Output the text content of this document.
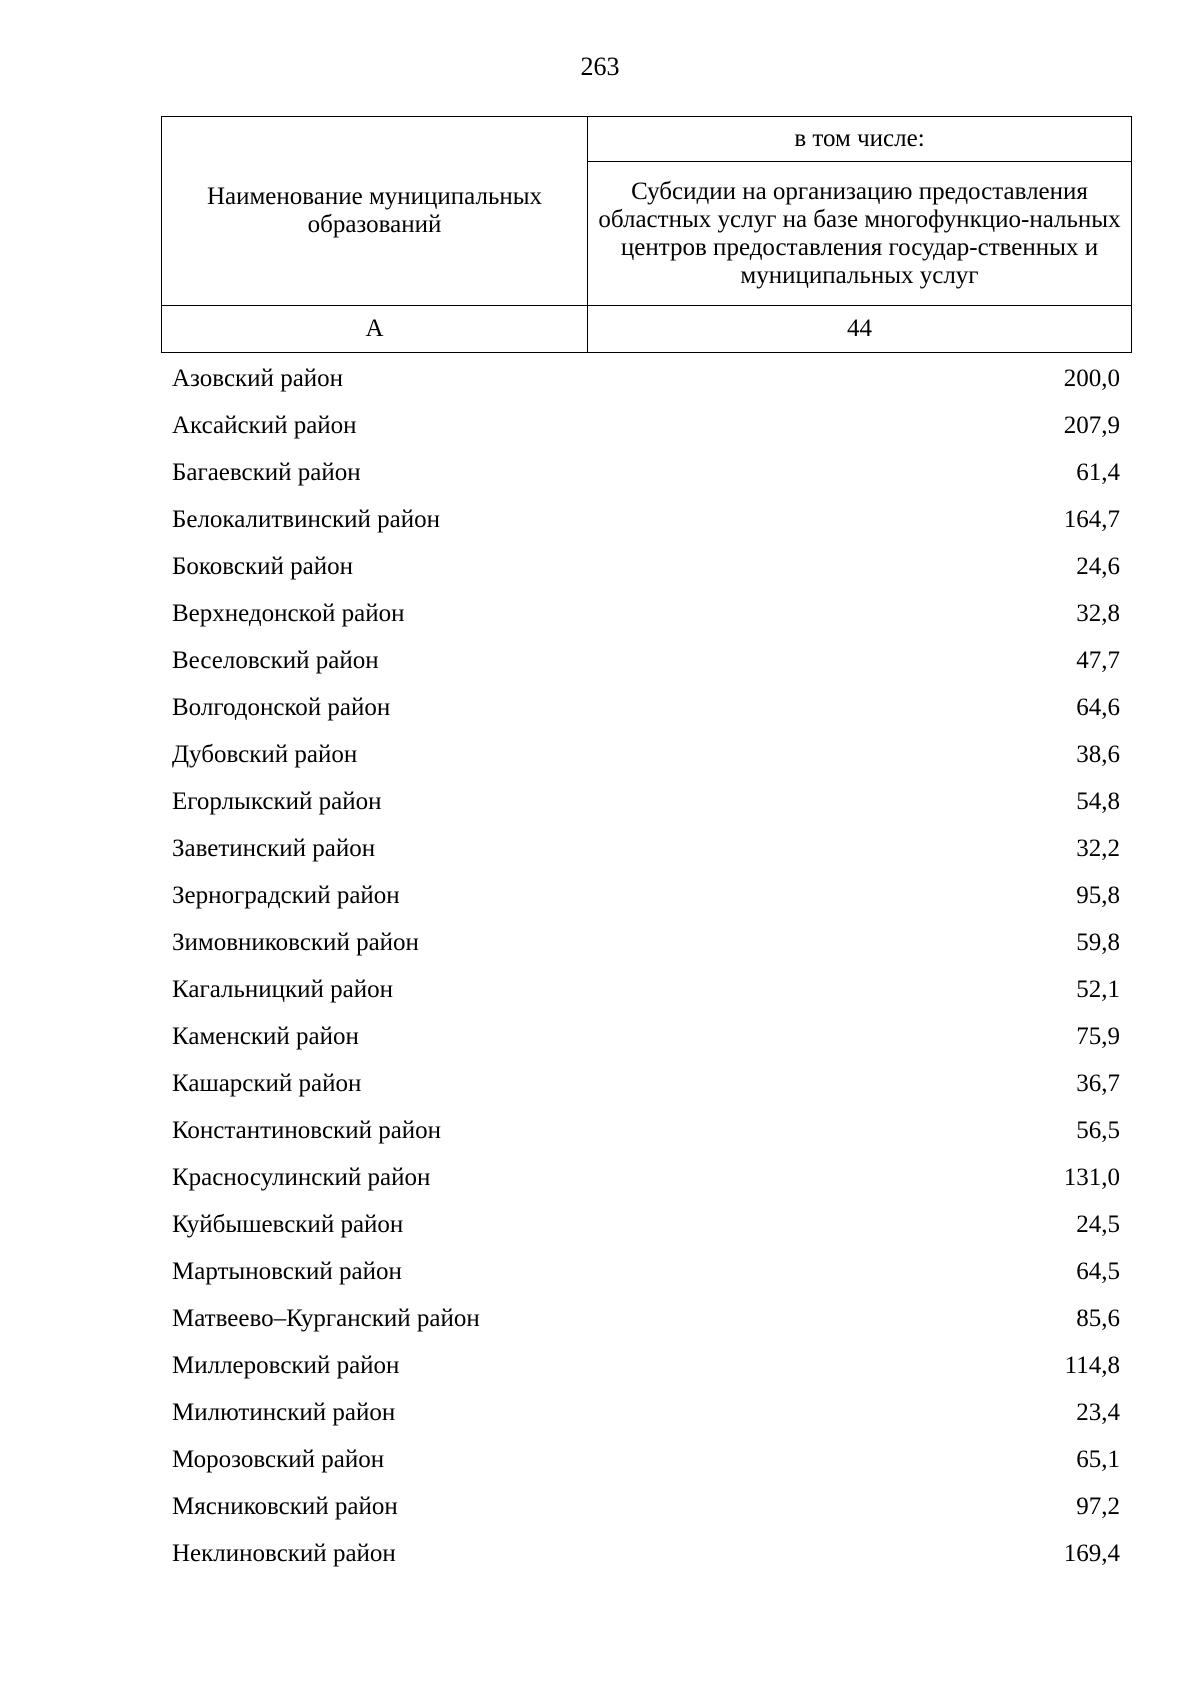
263
Наименование муниципальных образований	в том числе:
	Субсидии на организацию предоставления областных услуг на базе многофункцио-нальных центров предоставления государ-ственных и муниципальных услуг
А	44
Азовский район	200,0
Аксайский район	207,9
Багаевский район	61,4
Белокалитвинский район	164,7
Боковский район	24,6
Верхнедонской район	32,8
Веселовский район	47,7
Волгодонской район	64,6
Дубовский район	38,6
Егорлыкский район	54,8
Заветинский район	32,2
Зерноградский район	95,8
Зимовниковский район	59,8
Кагальницкий район	52,1
Каменский район	75,9
Кашарский район	36,7
Константиновский район	56,5
Красносулинский район	131,0
Куйбышевский район	24,5
Мартыновский район	64,5
Матвеево–Курганский район	85,6
Миллеровский район	114,8
Милютинский район	23,4
Морозовский район	65,1
Мясниковский район	97,2
Неклиновский район	169,4
